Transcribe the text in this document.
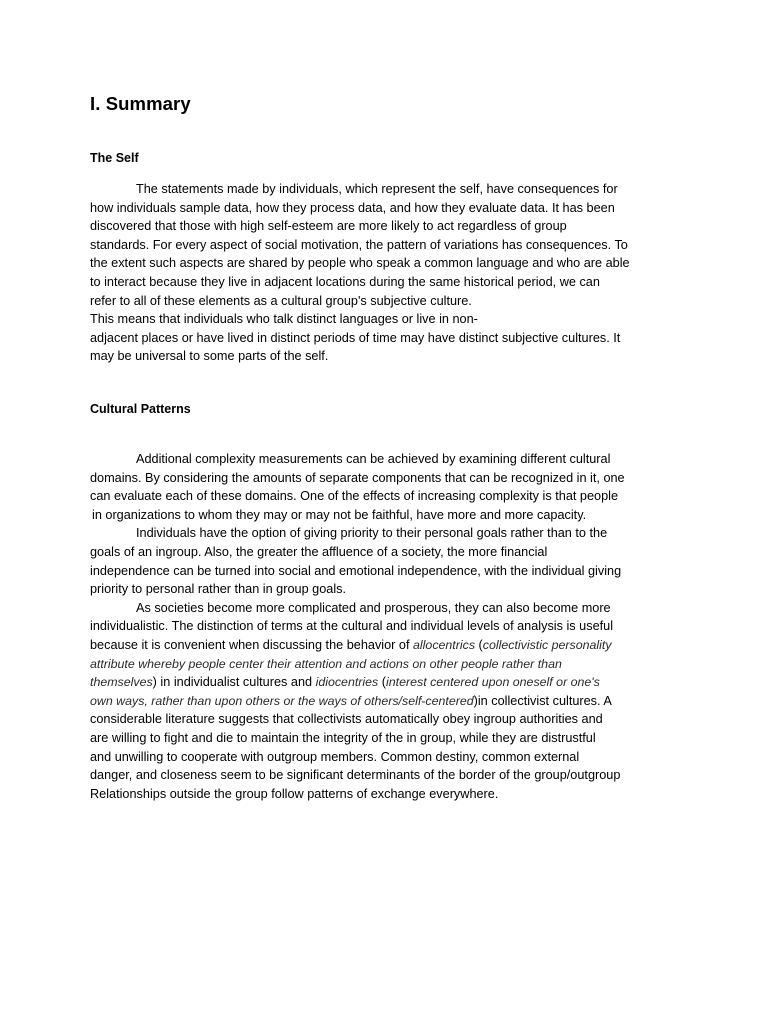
I. Summary
The Self
The statements made by individuals, which represent the self, have consequences for
how individuals sample data, how they process data, and how they evaluate data. It has been
discovered that those with high self-esteem are more likely to act regardless of group
standards. For every aspect of social motivation, the pattern of variations has consequences. To
the extent such aspects are shared by people who speak a common language and who are able
to interact because they live in adjacent locations during the same historical period, we can
refer to all of these elements as a cultural group's subjective culture.
This means that individuals who talk distinct languages or live in non-
adjacent places or have lived in distinct periods of time may have distinct subjective cultures. It
may be universal to some parts of the self.
Cultural Patterns
Additional complexity measurements can be achieved by examining different cultural
domains. By considering the amounts of separate components that can be recognized in it, one
can evaluate each of these domains. One of the effects of increasing complexity is that people
in organizations to whom they may or may not be faithful, have more and more capacity.
Individuals have the option of giving priority to their personal goals rather than to the
goals of an ingroup. Also, the greater the affluence of a society, the more financial
independence can be turned into social and emotional independence, with the individual giving
priority to personal rather than in group goals.
As societies become more complicated and prosperous, they can also become more
individualistic. The distinction of terms at the cultural and individual levels of analysis is useful
because it is convenient when discussing the behavior of allocentrics (collectivistic personality
attribute whereby people center their attention and actions on other people rather than
themselves) in individualist cultures and idiocentries (interest centered upon oneself or one's
own ways, rather than upon others or the ways of others/self-centered)in collectivist cultures. A
considerable literature suggests that collectivists automatically obey ingroup authorities and
are willing to fight and die to maintain the integrity of the in group, while they are distrustful
and unwilling to cooperate with outgroup members. Common destiny, common external
danger, and closeness seem to be significant determinants of the border of the group/outgroup
Relationships outside the group follow patterns of exchange everywhere.
